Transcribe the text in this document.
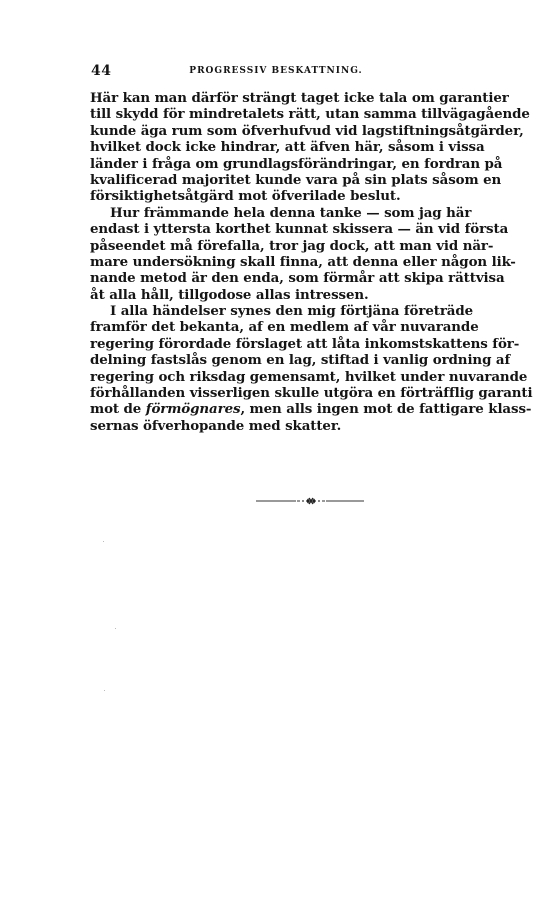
44	PROGRESSIV BESKATTNING.
Här kan man därför strängt taget icke tala om garantier
till skydd för mindretalets rätt, utan samma tillvägagående
kunde äga rum som öfverhufvud vid lagstiftningsåtgärder,
hvilket dock icke hindrar, att äfven här, såsom i vissa
länder i fråga om grundlagsförändringar, en fordran på
kvalificerad majoritet kunde vara på sin plats såsom en
försiktighetsåtgärd mot öfverilade beslut.
Hur främmande hela denna tanke — som jag här
endast i yttersta korthet kunnat skissera — än vid första
påseendet må förefalla, tror jag dock, att man vid när-
mare undersökning skall finna, att denna eller någon lik-
nande metod är den enda, som förmår att skipa rättvisa
åt alla håll, tillgodose allas intressen.
I alla händelser synes den mig förtjäna företräde
framför det bekanta, af en medlem af vår nuvarande
regering förordade förslaget att låta inkomstskattens för-
delning fastslås genom en lag, stiftad i vanlig ordning af
regering och riksdag gemensamt, hvilket under nuvarande
förhållanden visserligen skulle utgöra en förträfflig garanti
mot de förmögnares, men alls ingen mot de fattigare klass-
sernas öfverhopande med skatter.
